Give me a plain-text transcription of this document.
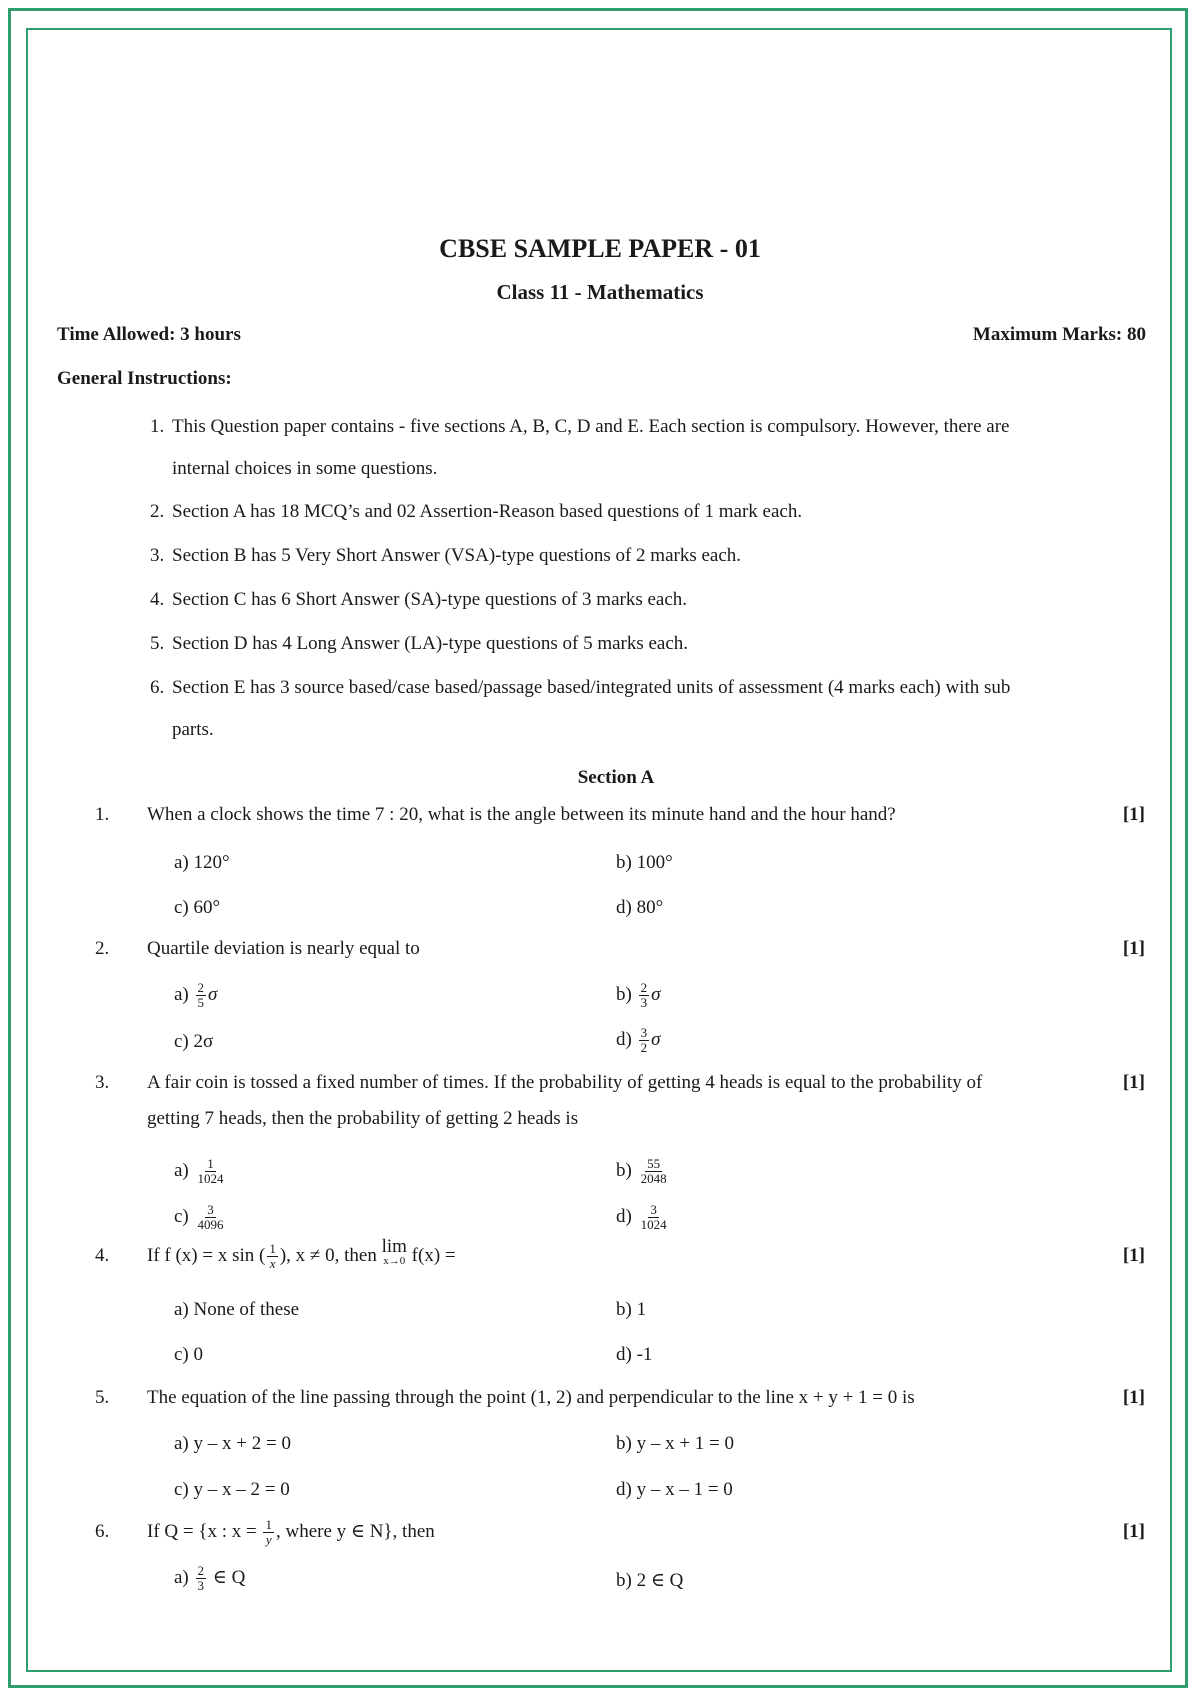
CBSE SAMPLE PAPER - 01
Class 11 - Mathematics
Time Allowed: 3 hours	Maximum Marks: 80
General Instructions:
1. This Question paper contains - five sections A, B, C, D and E. Each section is compulsory. However, there are
internal choices in some questions.
2. Section A has 18 MCQ’s and 02 Assertion-Reason based questions of 1 mark each.
3. Section B has 5 Very Short Answer (VSA)-type questions of 2 marks each.
4. Section C has 6 Short Answer (SA)-type questions of 3 marks each.
5. Section D has 4 Long Answer (LA)-type questions of 5 marks each.
6. Section E has 3 source based/case based/passage based/integrated units of assessment (4 marks each) with sub
parts.
Section A
1. When a clock shows the time 7 : 20, what is the angle between its minute hand and the hour hand?	[1]
a) 120°	b) 100°
c) 60°	d) 80°
2. Quartile deviation is nearly equal to	[1]
$a) \frac{2}{5}$ σ	$b) \frac{2}{3}$ σ
c) 2σ	$d) \frac{3}{2}$ σ
3. A fair coin is tossed a fixed number of times. If the probability of getting 4 heads is equal to the probability of
getting 7 heads, then the probability of getting 2 heads is
[1]
$a) \frac{1}{1024}$	$b) \frac{55}{2048}$
$c) \frac{3}{4096}$	$d) \frac{3}{1024}$
4. If f (x) = x sin ( $\frac{1}{x}$ ), x ≠ 0, then lim
x→0 f(x) =	[1]
a) None of these	b) 1
c) 0	d) -1
5. The equation of the line passing through the point (1, 2) and perpendicular to the line x + y + 1 = 0 is	[1]
a) y – x + 2 = 0	b) y – x + 1 = 0
c) y – x – 2 = 0	d) y – x – 1 = 0
6. If Q = {x : $x = \frac{1}{y}$ , where y ∈ N}, then	[1]
$a) \frac{2}{3}$ ∈ Q	b) 2 ∈ Q
